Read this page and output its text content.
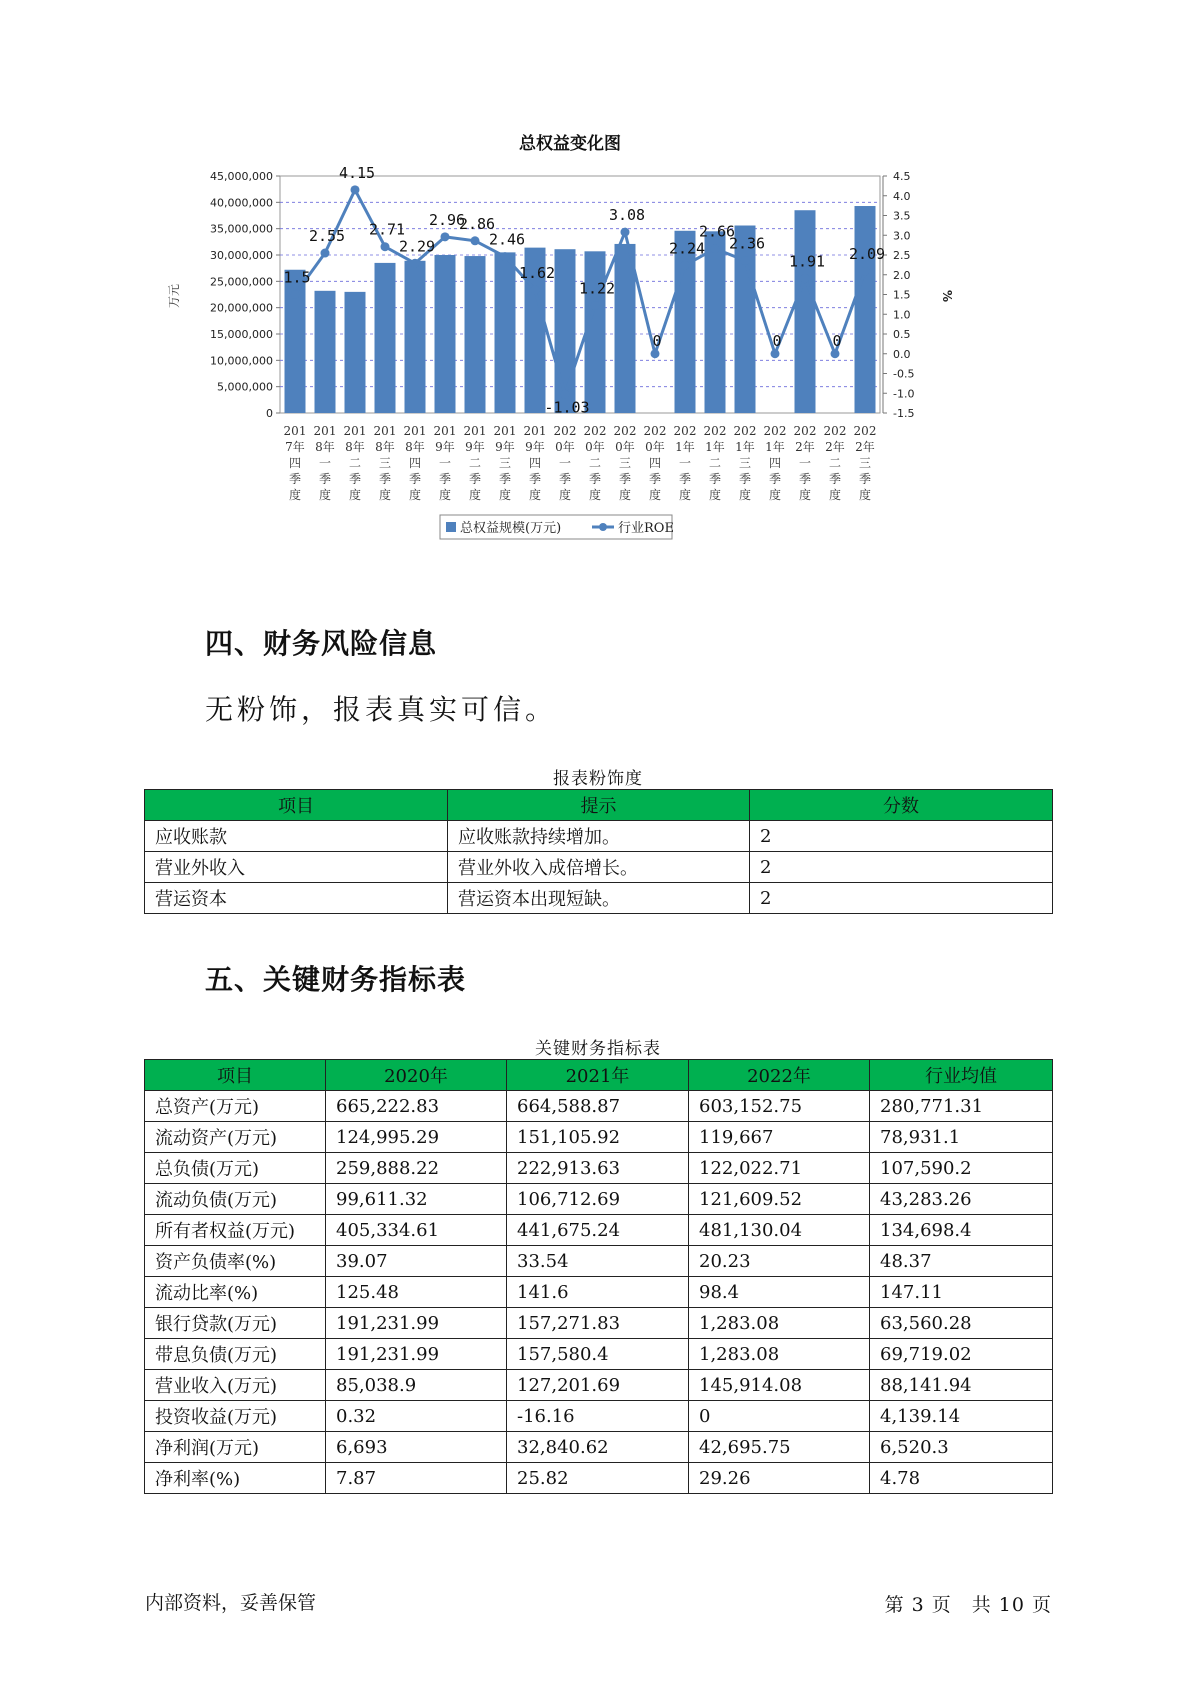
总权益变化图
0
5,000,000
10,000,000
15,000,000
20,000,000
25,000,000
30,000,000
35,000,000
40,000,000
45,000,000
万元
-1.5
-1.0
-0.5
0.0
0.5
1.0
1.5
2.0
2.5
3.0
3.5
4.0
4.5
%
201 7年四季度
201 8年一季度
201 8年二季度
201 8年三季度
201 8年四季度
201 9年一季度
201 9年二季度
201 9年三季度
201 9年四季度
202 0年一季度
202 0年二季度
202 0年三季度
202 0年四季度
202 1年一季度
202 1年二季度
202 1年三季度
202 1年四季度
202 2年一季度
202 2年二季度
202 2年三季度
1.5
2.55
4.15
2.71
2.29
2.96
2.86
2.46
1.62
-1.03
1.22
3.08
0
2.24
2.66
2.36
0
1.91
0
2.09
总权益规模(万元)	行业ROE
四、财务风险信息

无粉饰，报表真实可信。

报表粉饰度

项目	提示	分数
应收账款	应收账款持续增加。	2
营业外收入	营业外收入成倍增长。	2
营运资本	营运资本出现短缺。	2
五、关键财务指标表

关键财务指标表

项目	2020年	2021年	2022年	行业均值
总资产(万元)	665,222.83	664,588.87	603,152.75	280,771.31
流动资产(万元)	124,995.29	151,105.92	119,667	78,931.1
总负债(万元)	259,888.22	222,913.63	122,022.71	107,590.2
流动负债(万元)	99,611.32	106,712.69	121,609.52	43,283.26
所有者权益(万元)	405,334.61	441,675.24	481,130.04	134,698.4
资产负债率(%)	39.07	33.54	20.23	48.37
流动比率(%)	125.48	141.6	98.4	147.11
银行贷款(万元)	191,231.99	157,271.83	1,283.08	63,560.28
带息负债(万元)	191,231.99	157,580.4	1,283.08	69,719.02
营业收入(万元)	85,038.9	127,201.69	145,914.08	88,141.94
投资收益(万元)	0.32	-16.16	0	4,139.14
净利润(万元)	6,693	32,840.62	42,695.75	6,520.3
净利率(%)	7.87	25.82	29.26	4.78

内部资料，妥善保管	第 3 页　共 10 页
